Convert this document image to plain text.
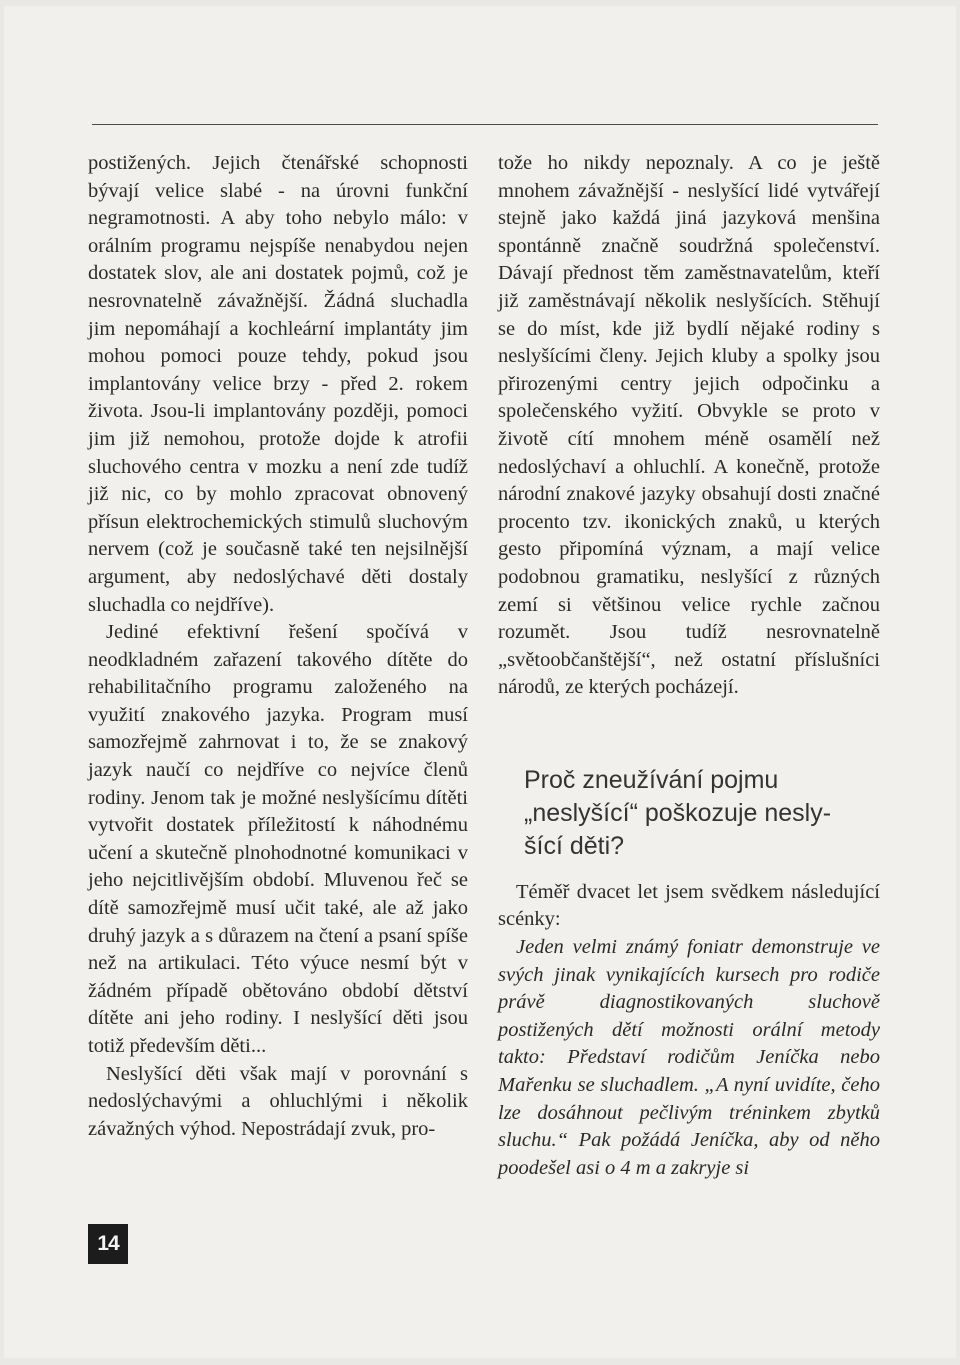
postižených. Jejich čtenářské schopnosti bývají velice slabé - na úrovni funkční negramotnosti. A aby toho nebylo málo: v orálním programu nejspíše nenabydou nejen dostatek slov, ale ani dostatek pojmů, což je nesrovnatelně závažnější. Žádná sluchadla jim nepomáhají a kochleární implantáty jim mohou pomoci pouze tehdy, pokud jsou implantovány velice brzy - před 2. rokem života. Jsou-li implantovány později, pomoci jim již nemohou, protože dojde k atrofii sluchového centra v mozku a není zde tudíž již nic, co by mohlo zpracovat obnovený přísun elektrochemických stimulů sluchovým nervem (což je současně také ten nejsilnější argument, aby nedoslýchavé děti dostaly sluchadla co nejdříve).

Jediné efektivní řešení spočívá v neodkladném zařazení takového dítěte do rehabilitačního programu založeného na využití znakového jazyka. Program musí samozřejmě zahrnovat i to, že se znakový jazyk naučí co nejdříve co nejvíce členů rodiny. Jenom tak je možné neslyšícímu dítěti vytvořit dostatek příležitostí k náhodnému učení a skutečně plnohodnotné komunikaci v jeho nejcitlivějším období. Mluvenou řeč se dítě samozřejmě musí učit také, ale až jako druhý jazyk a s důrazem na čtení a psaní spíše než na artikulaci. Této výuce nesmí být v žádném případě obětováno období dětství dítěte ani jeho rodiny. I neslyšící děti jsou totiž především děti...

Neslyšící děti však mají v porovnání s nedoslýchavými a ohluchlými i několik závažných výhod. Nepostrádají zvuk, pro-

tože ho nikdy nepoznaly. A co je ještě mnohem závažnější - neslyšící lidé vytvářejí stejně jako každá jiná jazyková menšina spontánně značně soudržná společenství. Dávají přednost těm zaměstnavatelům, kteří již zaměstnávají několik neslyšících. Stěhují se do míst, kde již bydlí nějaké rodiny s neslyšícími členy. Jejich kluby a spolky jsou přirozenými centry jejich odpočinku a společenského vyžití. Obvykle se proto v životě cítí mnohem méně osamělí než nedoslýchaví a ohluchlí. A konečně, protože národní znakové jazyky obsahují dosti značné procento tzv. ikonických znaků, u kterých gesto připomíná význam, a mají velice podobnou gramatiku, neslyšící z různých zemí si většinou velice rychle začnou rozumět. Jsou tudíž nesrovnatelně „světoobčanštější“, než ostatní příslušníci národů, ze kterých pocházejí.

Proč zneužívání pojmu
„neslyšící“ poškozuje nesly-
šící děti?

Téměř dvacet let jsem svědkem následující scénky:

Jeden velmi známý foniatr demonstruje ve svých jinak vynikajících kursech pro rodiče právě diagnostikovaných sluchově postižených dětí možnosti orální metody takto: Představí rodičům Jeníčka nebo Mařenku se sluchadlem. „A nyní uvidíte, čeho lze dosáhnout pečlivým tréninkem zbytků sluchu.“ Pak požádá Jeníčka, aby od něho poodešel asi o 4 m a zakryje si

14
